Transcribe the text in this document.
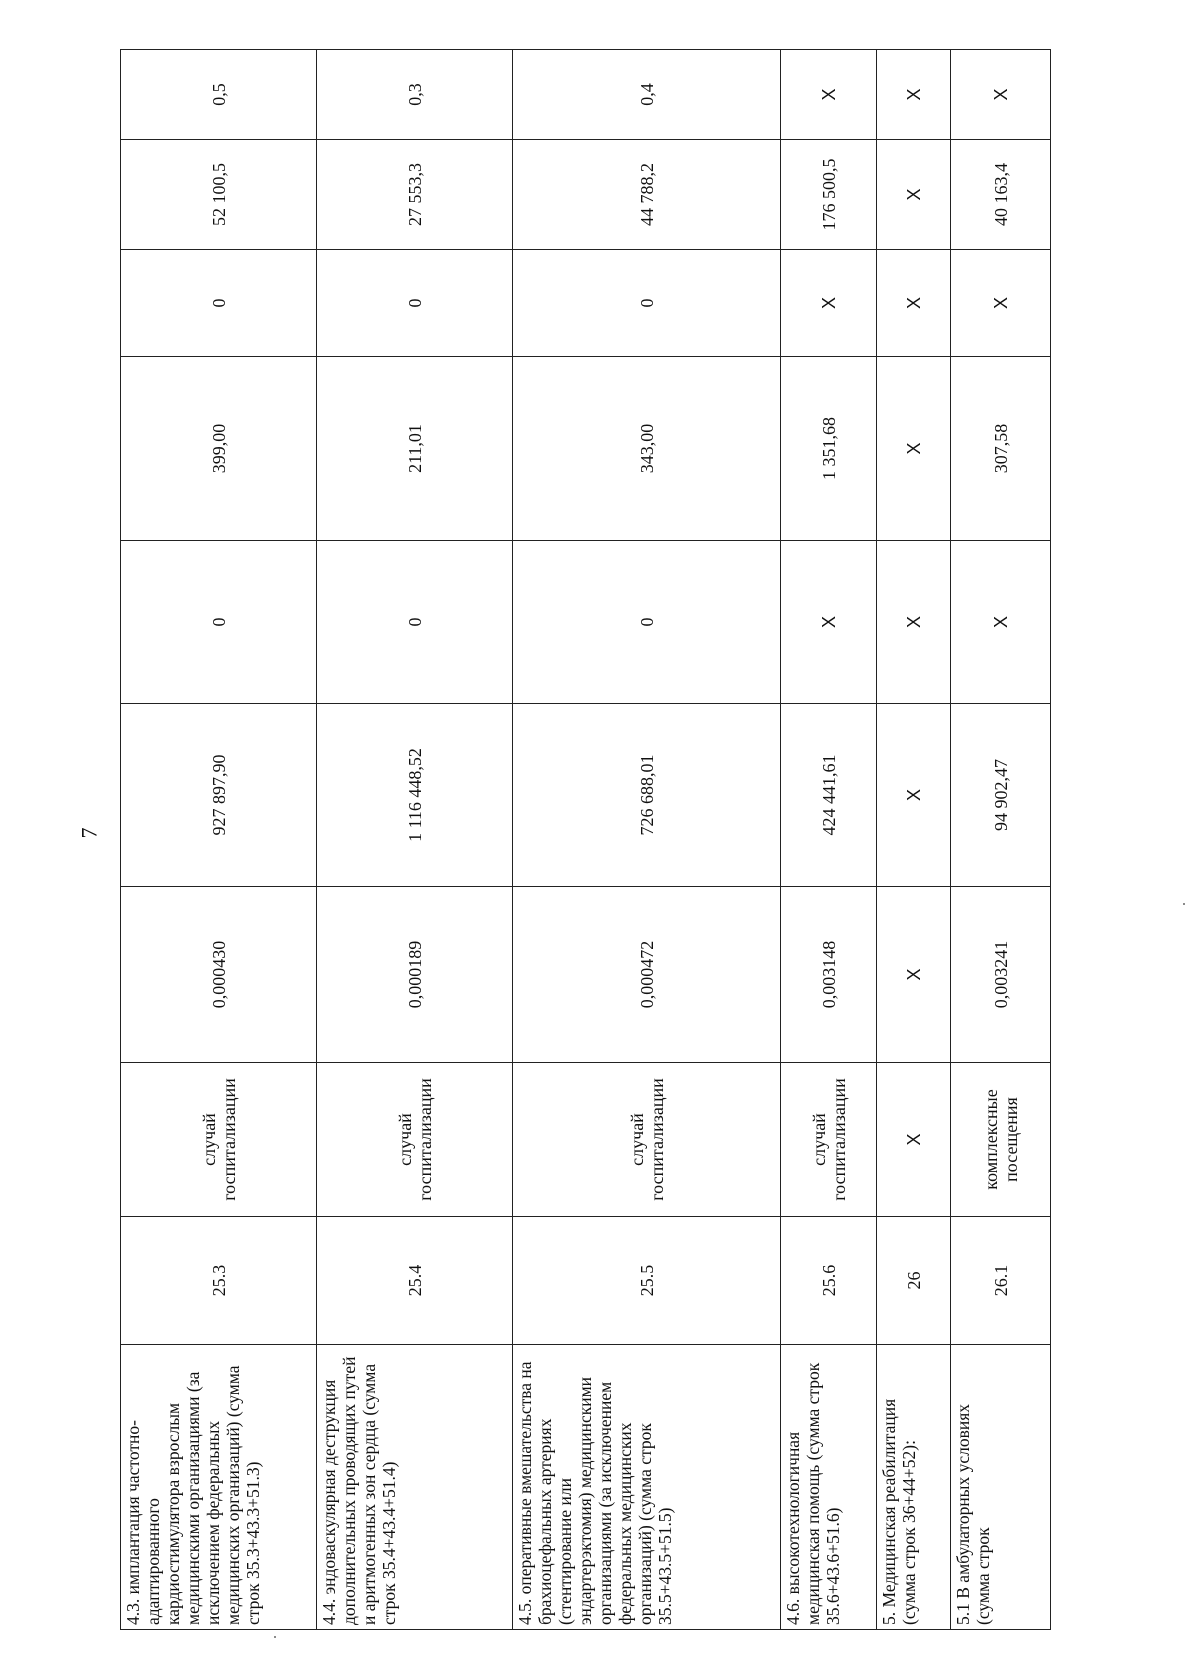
7
4.3. имплантация частотно-адаптированного кардиостимулятора взрослым медицинскими организациями (за исключением федеральных медицинских организаций) (сумма строк 35.3+43.3+51.3)	25.3	случай госпитализации	0,000430	927 897,90	0	399,00	0	52 100,5	0,5
4.4. эндоваскулярная деструкция дополнительных проводящих путей и аритмогенных зон сердца (сумма строк 35.4+43.4+51.4)	25.4	случай госпитализации	0,000189	1 116 448,52	0	211,01	0	27 553,3	0,3
4.5. оперативные вмешательства на брахиоцефальных артериях (стентирование или эндартерэктомия) медицинскими организациями (за исключением федеральных медицинских организаций) (сумма строк 35.5+43.5+51.5)	25.5	случай госпитализации	0,000472	726 688,01	0	343,00	0	44 788,2	0,4
4.6. высокотехнологичная медицинская помощь (сумма строк 35.6+43.6+51.6)	25.6	случай госпитализации	0,003148	424 441,61	Х	1 351,68	Х	176 500,5	Х
5. Медицинская реабилитация (сумма строк 36+44+52):	26	Х	Х	Х	Х	Х	Х	Х	Х
5.1 В амбулаторных условиях (сумма строк	26.1	комплексные посещения	0,003241	94 902,47	Х	307,58	Х	40 163,4	Х
